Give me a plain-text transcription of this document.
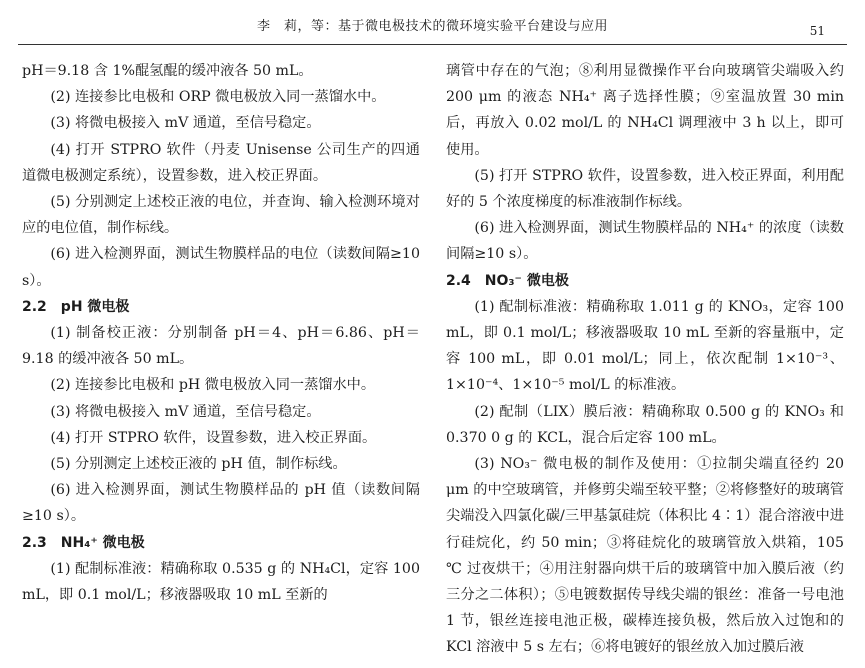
李　莉，等：基于微电极技术的微环境实验平台建设与应用	51

pH＝9.18 含 1%醌氢醌的缓冲液各 50 mL。

(2) 连接参比电极和 ORP 微电极放入同一蒸馏水中。

(3) 将微电极接入 mV 通道，至信号稳定。

(4) 打开 STPRO 软件（丹麦 Unisense 公司生产的四通道微电极测定系统），设置参数，进入校正界面。

(5) 分别测定上述校正液的电位，并查询、输入检测环境对应的电位值，制作标线。

(6) 进入检测界面，测试生物膜样品的电位（读数间隔≥10 s）。

2.2　pH 微电极

(1) 制备校正液：分别制备 pH＝4、pH＝6.86、pH＝9.18 的缓冲液各 50 mL。

(2) 连接参比电极和 pH 微电极放入同一蒸馏水中。

(3) 将微电极接入 mV 通道，至信号稳定。

(4) 打开 STPRO 软件，设置参数，进入校正界面。

(5) 分别测定上述校正液的 pH 值，制作标线。

(6) 进入检测界面，测试生物膜样品的 pH 值（读数间隔≥10 s）。

2.3　NH₄⁺ 微电极

(1) 配制标准液：精确称取 0.535 g 的 NH₄Cl，定容 100 mL，即 0.1 mol/L；移液器吸取 10 mL 至新的

璃管中存在的气泡；⑧利用显微操作平台向玻璃管尖端吸入约 200 μm 的液态 NH₄⁺ 离子选择性膜；⑨室温放置 30 min 后，再放入 0.02 mol/L 的 NH₄Cl 调理液中 3 h 以上，即可使用。

(5) 打开 STPRO 软件，设置参数，进入校正界面，利用配好的 5 个浓度梯度的标准液制作标线。

(6) 进入检测界面，测试生物膜样品的 NH₄⁺ 的浓度（读数间隔≥10 s）。

2.4　NO₃⁻ 微电极

(1) 配制标准液：精确称取 1.011 g 的 KNO₃，定容 100 mL，即 0.1 mol/L；移液器吸取 10 mL 至新的容量瓶中，定容 100 mL，即 0.01 mol/L；同上，依次配制 1×10⁻³、1×10⁻⁴、1×10⁻⁵ mol/L 的标准液。

(2) 配制（LIX）膜后液：精确称取 0.500 g 的 KNO₃ 和 0.370 0 g 的 KCL，混合后定容 100 mL。

(3) NO₃⁻ 微电极的制作及使用：①拉制尖端直径约 20 μm 的中空玻璃管，并修剪尖端至较平整；②将修整好的玻璃管尖端没入四氯化碳/三甲基氯硅烷（体积比 4∶1）混合溶液中进行硅烷化，约 50 min；③将硅烷化的玻璃管放入烘箱，105 ℃ 过夜烘干；④用注射器向烘干后的玻璃管中加入膜后液（约三分之二体积）；⑤电镀数据传导线尖端的银丝：准备一号电池 1 节，银丝连接电池正极，碳棒连接负极，然后放入过饱和的 KCl 溶液中 5 s 左右；⑥将电镀好的银丝放入加过膜后液
